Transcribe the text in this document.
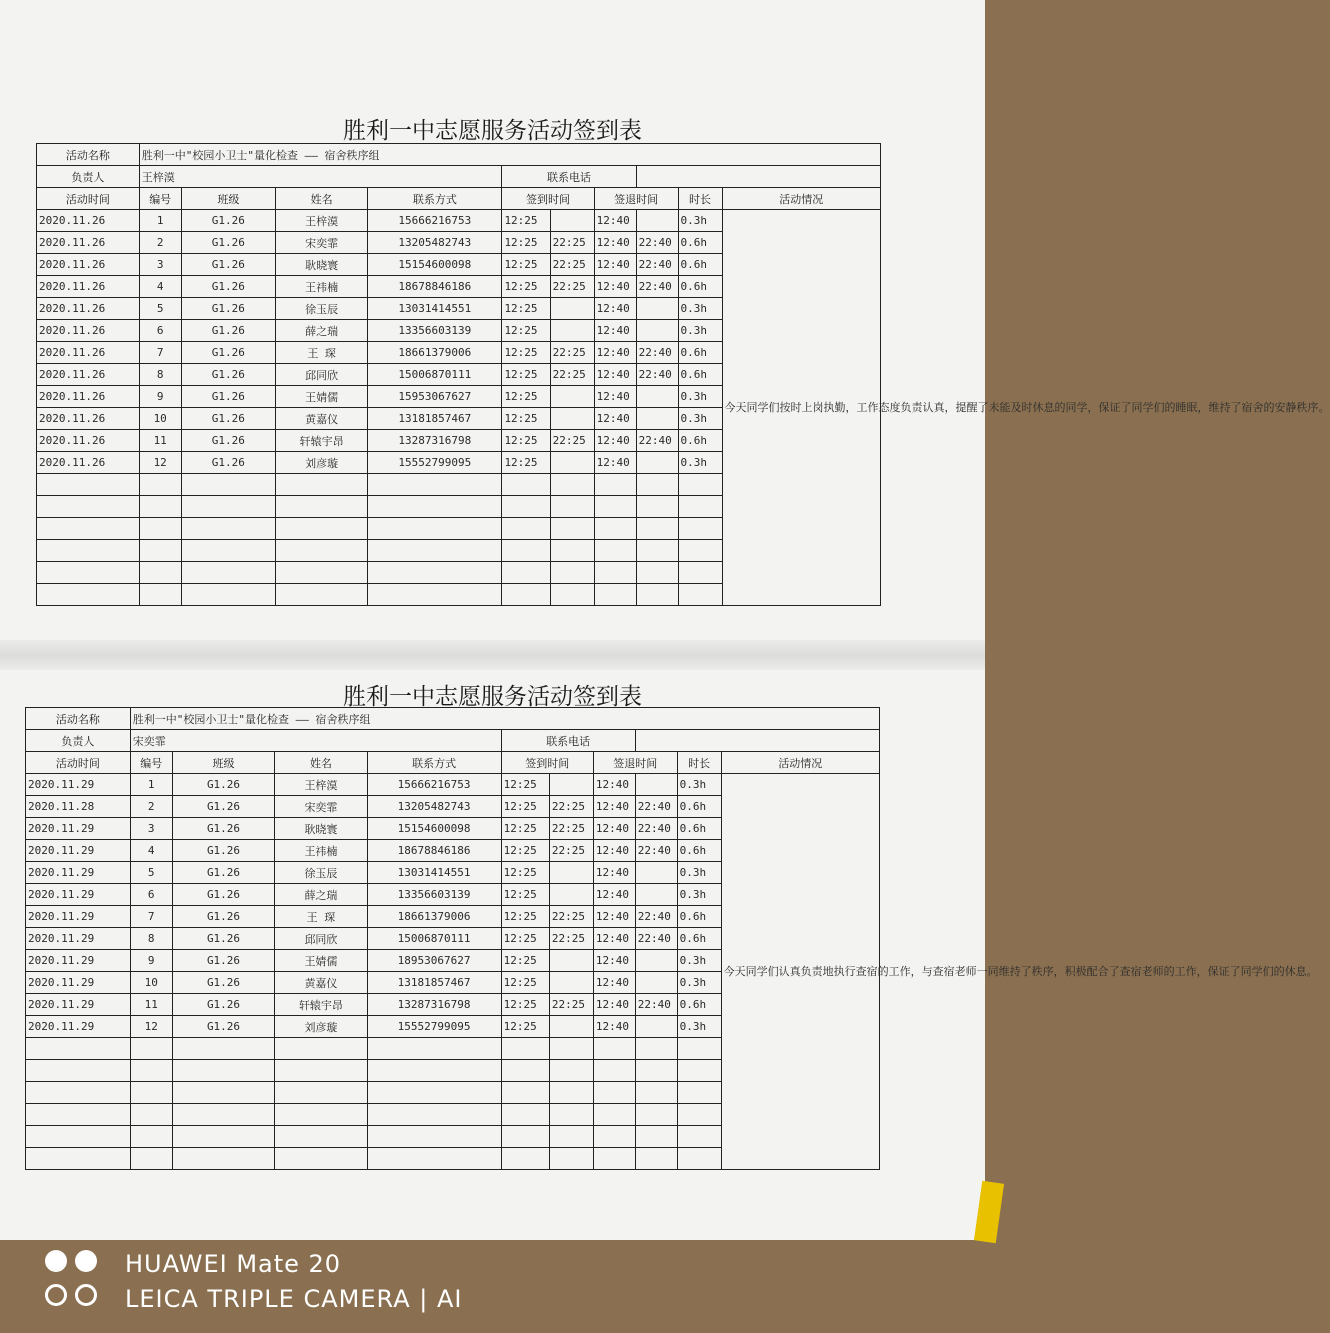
胜利一中志愿服务活动签到表
活动名称	胜利一中"校园小卫士"量化检查 —— 宿舍秩序组									
负责人	王梓漠				联系电话					
活动时间	编号	班级	姓名	联系方式	签到时间		签退时间		时长	活动情况
2020.11.26	1	G1.26	王梓漠	15666216753	12:25		12:40		0.3h	今天同学们按时上岗执勤，工作态度负责认真，提醒了未能及时休息的同学，保证了同学们的睡眠，维持了宿舍的安静秩序。
2020.11.26	2	G1.26	宋奕霏	13205482743	12:25	22:25	12:40	22:40	0.6h	
2020.11.26	3	G1.26	耿晓寰	15154600098	12:25	22:25	12:40	22:40	0.6h	
2020.11.26	4	G1.26	王祎楠	18678846186	12:25	22:25	12:40	22:40	0.6h	
2020.11.26	5	G1.26	徐玉辰	13031414551	12:25		12:40		0.3h	
2020.11.26	6	G1.26	薛之瑞	13356603139	12:25		12:40		0.3h	
2020.11.26	7	G1.26	王 琛	18661379006	12:25	22:25	12:40	22:40	0.6h	
2020.11.26	8	G1.26	邱同欣	15006870111	12:25	22:25	12:40	22:40	0.6h	
2020.11.26	9	G1.26	王婧儒	15953067627	12:25		12:40		0.3h	
2020.11.26	10	G1.26	黄嘉仪	13181857467	12:25		12:40		0.3h	
2020.11.26	11	G1.26	轩辕宇昂	13287316798	12:25	22:25	12:40	22:40	0.6h	
2020.11.26	12	G1.26	刘彦璇	15552799095	12:25		12:40		0.3h	

胜利一中志愿服务活动签到表
活动名称	胜利一中"校园小卫士"量化检查 —— 宿舍秩序组									
负责人	宋奕霏				联系电话					
活动时间	编号	班级	姓名	联系方式	签到时间		签退时间		时长	活动情况
2020.11.29	1	G1.26	王梓漠	15666216753	12:25		12:40		0.3h	今天同学们认真负责地执行查宿的工作，与查宿老师一同维持了秩序，积极配合了查宿老师的工作，保证了同学们的休息。
2020.11.28	2	G1.26	宋奕霏	13205482743	12:25	22:25	12:40	22:40	0.6h	
2020.11.29	3	G1.26	耿晓寰	15154600098	12:25	22:25	12:40	22:40	0.6h	
2020.11.29	4	G1.26	王祎楠	18678846186	12:25	22:25	12:40	22:40	0.6h	
2020.11.29	5	G1.26	徐玉辰	13031414551	12:25		12:40		0.3h	
2020.11.29	6	G1.26	薛之瑞	13356603139	12:25		12:40		0.3h	
2020.11.29	7	G1.26	王 琛	18661379006	12:25	22:25	12:40	22:40	0.6h	
2020.11.29	8	G1.26	邱同欣	15006870111	12:25	22:25	12:40	22:40	0.6h	
2020.11.29	9	G1.26	王婧儒	18953067627	12:25		12:40		0.3h	
2020.11.29	10	G1.26	黄嘉仪	13181857467	12:25		12:40		0.3h	
2020.11.29	11	G1.26	轩辕宇昂	13287316798	12:25	22:25	12:40	22:40	0.6h	
2020.11.29	12	G1.26	刘彦璇	15552799095	12:25		12:40		0.3h	

HUAWEI Mate 20
LEICA TRIPLE CAMERA | AI
